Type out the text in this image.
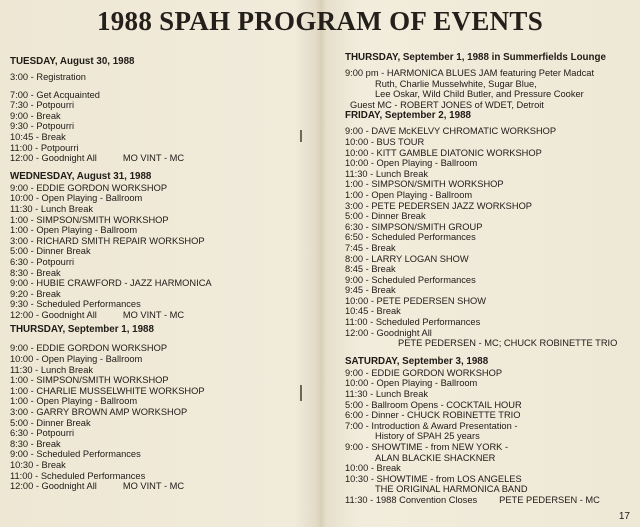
1988 SPAH PROGRAM OF EVENTS
TUESDAY, August 30, 1988
3:00 - Registration
7:00 - Get Acquainted
7:30 - Potpourri
9:00 - Break
9:30 - Potpourri
10:45 - Break
11:00 - Potpourri
12:00 - Goodnight All	MO VINT - MC
WEDNESDAY, August 31, 1988
9:00 - EDDIE GORDON WORKSHOP
10:00 - Open Playing - Ballroom
11:30 - Lunch Break
1:00 - SIMPSON/SMITH WORKSHOP
1:00 - Open Playing - Ballroom
3:00 - RICHARD SMITH REPAIR WORKSHOP
5:00 - Dinner Break
6:30 - Potpourri
8:30 - Break
9:00 - HUBIE CRAWFORD - JAZZ HARMONICA
9:20 - Break
9:30 - Scheduled Performances
12:00 - Goodnight All	MO VINT - MC
THURSDAY, September 1, 1988
9:00 - EDDIE GORDON WORKSHOP
10:00 - Open Playing - Ballroom
11:30 - Lunch Break
1:00 - SIMPSON/SMITH WORKSHOP
1:00 - CHARLIE MUSSELWHITE WORKSHOP
1:00 - Open Playing - Ballroom
3:00 - GARRY BROWN AMP WORKSHOP
5:00 - Dinner Break
6:30 - Potpourri
8:30 - Break
9:00 - Scheduled Performances
10:30 - Break
11:00 - Scheduled Performances
12:00 - Goodnight All	MO VINT - MC
THURSDAY, September 1, 1988 in Summerfields Lounge
9:00 pm - HARMONICA BLUES JAM featuring Peter Madcat
Ruth, Charlie Musselwhite, Sugar Blue,
Lee Oskar, Wild Child Butler, and Pressure Cooker
Guest MC - ROBERT JONES of WDET, Detroit
FRIDAY, September 2, 1988
9:00 - DAVE McKELVY CHROMATIC WORKSHOP
10:00 - BUS TOUR
10:00 - KITT GAMBLE DIATONIC WORKSHOP
10:00 - Open Playing - Ballroom
11:30 - Lunch Break
1:00 - SIMPSON/SMITH WORKSHOP
1:00 - Open Playing - Ballroom
3:00 - PETE PEDERSEN JAZZ WORKSHOP
5:00 - Dinner Break
6:30 - SIMPSON/SMITH GROUP
6:50 - Scheduled Performances
7:45 - Break
8:00 - LARRY LOGAN SHOW
8:45 - Break
9:00 - Scheduled Performances
9:45 - Break
10:00 - PETE PEDERSEN SHOW
10:45 - Break
11:00 - Scheduled Performances
12:00 - Goodnight All
PETE PEDERSEN - MC; CHUCK ROBINETTE TRIO
SATURDAY, September 3, 1988
9:00 - EDDIE GORDON WORKSHOP
10:00 - Open Playing - Ballroom
11:30 - Lunch Break
5:00 - Ballroom Opens - COCKTAIL HOUR
6:00 - Dinner - CHUCK ROBINETTE TRIO
7:00 - Introduction & Award Presentation -
History of SPAH 25 years
9:00 - SHOWTIME - from NEW YORK -
ALAN BLACKIE SHACKNER
10:00 - Break
10:30 - SHOWTIME - from LOS ANGELES
THE ORIGINAL HARMONICA BAND
11:30 - 1988 Convention Closes PETE PEDERSEN - MC
17
